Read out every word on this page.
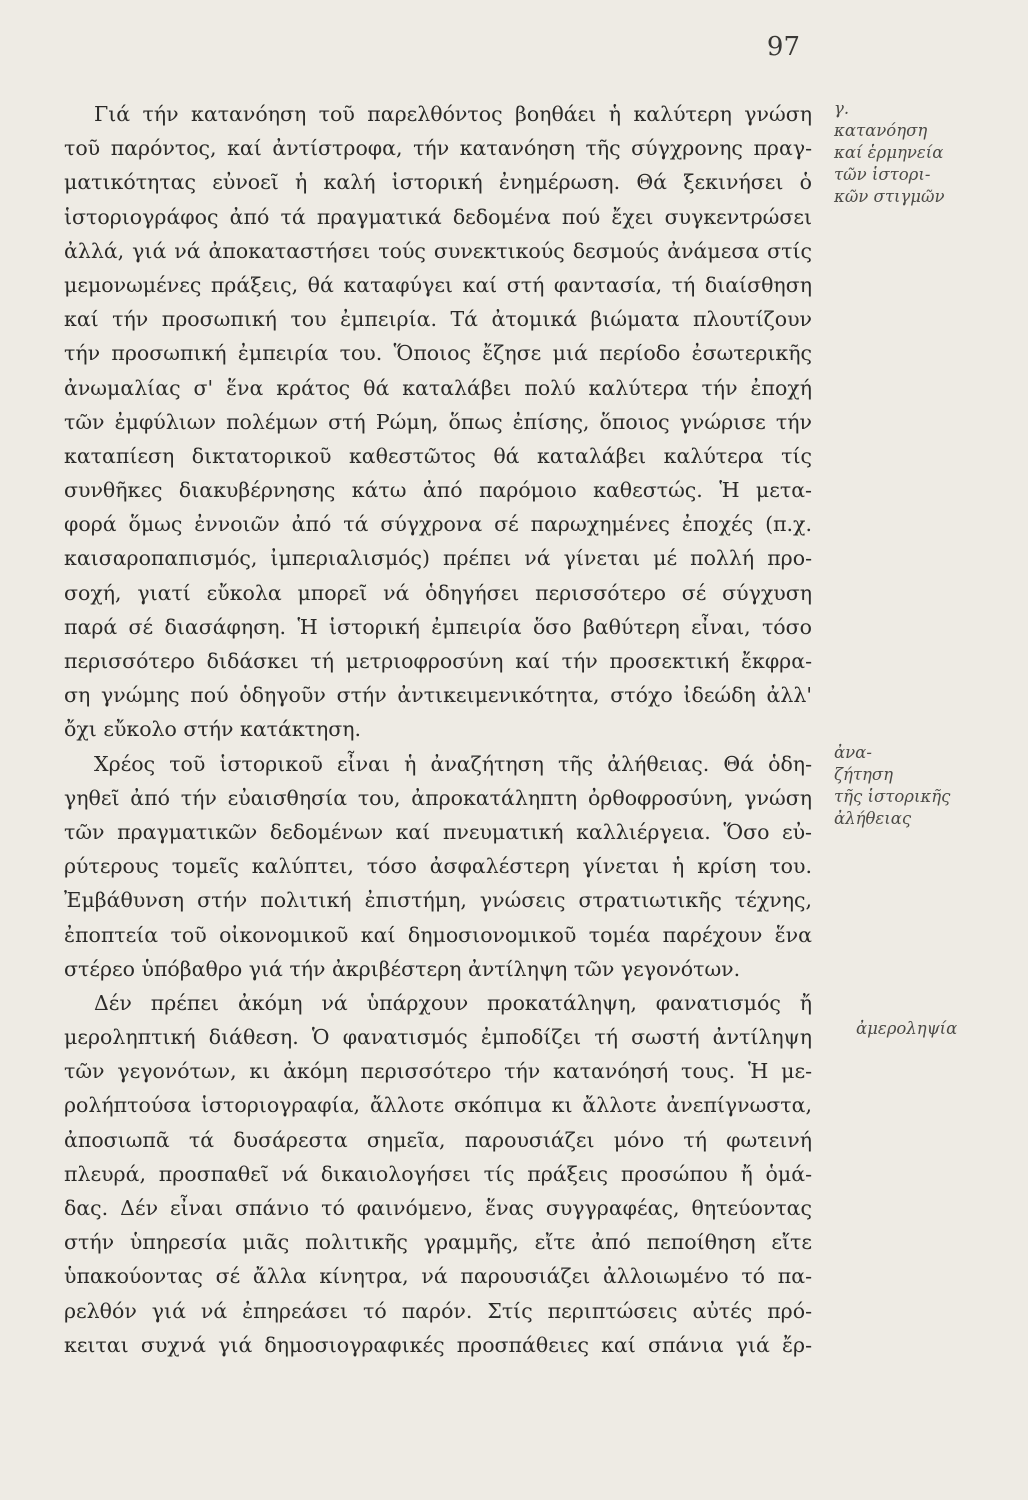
97
Γιά τήν κατανόηση τοῦ παρελθόντος βοηθάει ἡ καλύτερη γνώση
τοῦ παρόντος, καί ἀντίστροφα, τήν κατανόηση τῆς σύγχρονης πραγ-
ματικότητας εὐνοεῖ ἡ καλή ἱστορική ἐνημέρωση. Θά ξεκινήσει ὁ
ἱστοριογράφος ἀπό τά πραγματικά δεδομένα πού ἔχει συγκεντρώσει
ἀλλά, γιά νά ἀποκαταστήσει τούς συνεκτικούς δεσμούς ἀνάμεσα στίς
μεμονωμένες πράξεις, θά καταφύγει καί στή φαντασία, τή διαίσθηση
καί τήν προσωπική του ἐμπειρία. Τά ἀτομικά βιώματα πλουτίζουν
τήν προσωπική ἐμπειρία του. Ὅποιος ἔζησε μιά περίοδο ἐσωτερικῆς
ἀνωμαλίας σ' ἕνα κράτος θά καταλάβει πολύ καλύτερα τήν ἐποχή
τῶν ἐμφύλιων πολέμων στή Ρώμη, ὅπως ἐπίσης, ὅποιος γνώρισε τήν
καταπίεση δικτατορικοῦ καθεστῶτος θά καταλάβει καλύτερα τίς
συνθῆκες διακυβέρνησης κάτω ἀπό παρόμοιο καθεστώς. Ἡ μετα-
φορά ὅμως ἐννοιῶν ἀπό τά σύγχρονα σέ παρωχημένες ἐποχές (π.χ.
καισαροπαπισμός, ἰμπεριαλισμός) πρέπει νά γίνεται μέ πολλή προ-
σοχή, γιατί εὔκολα μπορεῖ νά ὁδηγήσει περισσότερο σέ σύγχυση
παρά σέ διασάφηση. Ἡ ἱστορική ἐμπειρία ὅσο βαθύτερη εἶναι, τόσο
περισσότερο διδάσκει τή μετριοφροσύνη καί τήν προσεκτική ἔκφρα-
ση γνώμης πού ὁδηγοῦν στήν ἀντικειμενικότητα, στόχο ἰδεώδη ἀλλ'
ὄχι εὔκολο στήν κατάκτηση.
Χρέος τοῦ ἱστορικοῦ εἶναι ἡ ἀναζήτηση τῆς ἀλήθειας. Θά ὁδη-
γηθεῖ ἀπό τήν εὐαισθησία του, ἀπροκατάληπτη ὀρθοφροσύνη, γνώση
τῶν πραγματικῶν δεδομένων καί πνευματική καλλιέργεια. Ὅσο εὐ-
ρύτερους τομεῖς καλύπτει, τόσο ἀσφαλέστερη γίνεται ἡ κρίση του.
Ἐμβάθυνση στήν πολιτική ἐπιστήμη, γνώσεις στρατιωτικῆς τέχνης,
ἐποπτεία τοῦ οἰκονομικοῦ καί δημοσιονομικοῦ τομέα παρέχουν ἕνα
στέρεο ὑπόβαθρο γιά τήν ἀκριβέστερη ἀντίληψη τῶν γεγονότων.
Δέν πρέπει ἀκόμη νά ὑπάρχουν προκατάληψη, φανατισμός ἤ
μεροληπτική διάθεση. Ὁ φανατισμός ἐμποδίζει τή σωστή ἀντίληψη
τῶν γεγονότων, κι ἀκόμη περισσότερο τήν κατανόησή τους. Ἡ με-
ρολήπτούσα ἱστοριογραφία, ἄλλοτε σκόπιμα κι ἄλλοτε ἀνεπίγνωστα,
ἀποσιωπᾶ τά δυσάρεστα σημεῖα, παρουσιάζει μόνο τή φωτεινή
πλευρά, προσπαθεῖ νά δικαιολογήσει τίς πράξεις προσώπου ἤ ὁμά-
δας. Δέν εἶναι σπάνιο τό φαινόμενο, ἕνας συγγραφέας, θητεύοντας
στήν ὑπηρεσία μιᾶς πολιτικῆς γραμμῆς, εἴτε ἀπό πεποίθηση εἴτε
ὑπακούοντας σέ ἄλλα κίνητρα, νά παρουσιάζει ἀλλοιωμένο τό πα-
ρελθόν γιά νά ἐπηρεάσει τό παρόν. Στίς περιπτώσεις αὐτές πρό-
κειται συχνά γιά δημοσιογραφικές προσπάθειες καί σπάνια γιά ἔρ-
γ.
κατανόηση
καί ἑρμηνεία
τῶν ἱστορι-
κῶν στιγμῶν
ἀνα-
ζήτηση
τῆς ἱστορικῆς
ἀλήθειας
ἀμεροληψία
